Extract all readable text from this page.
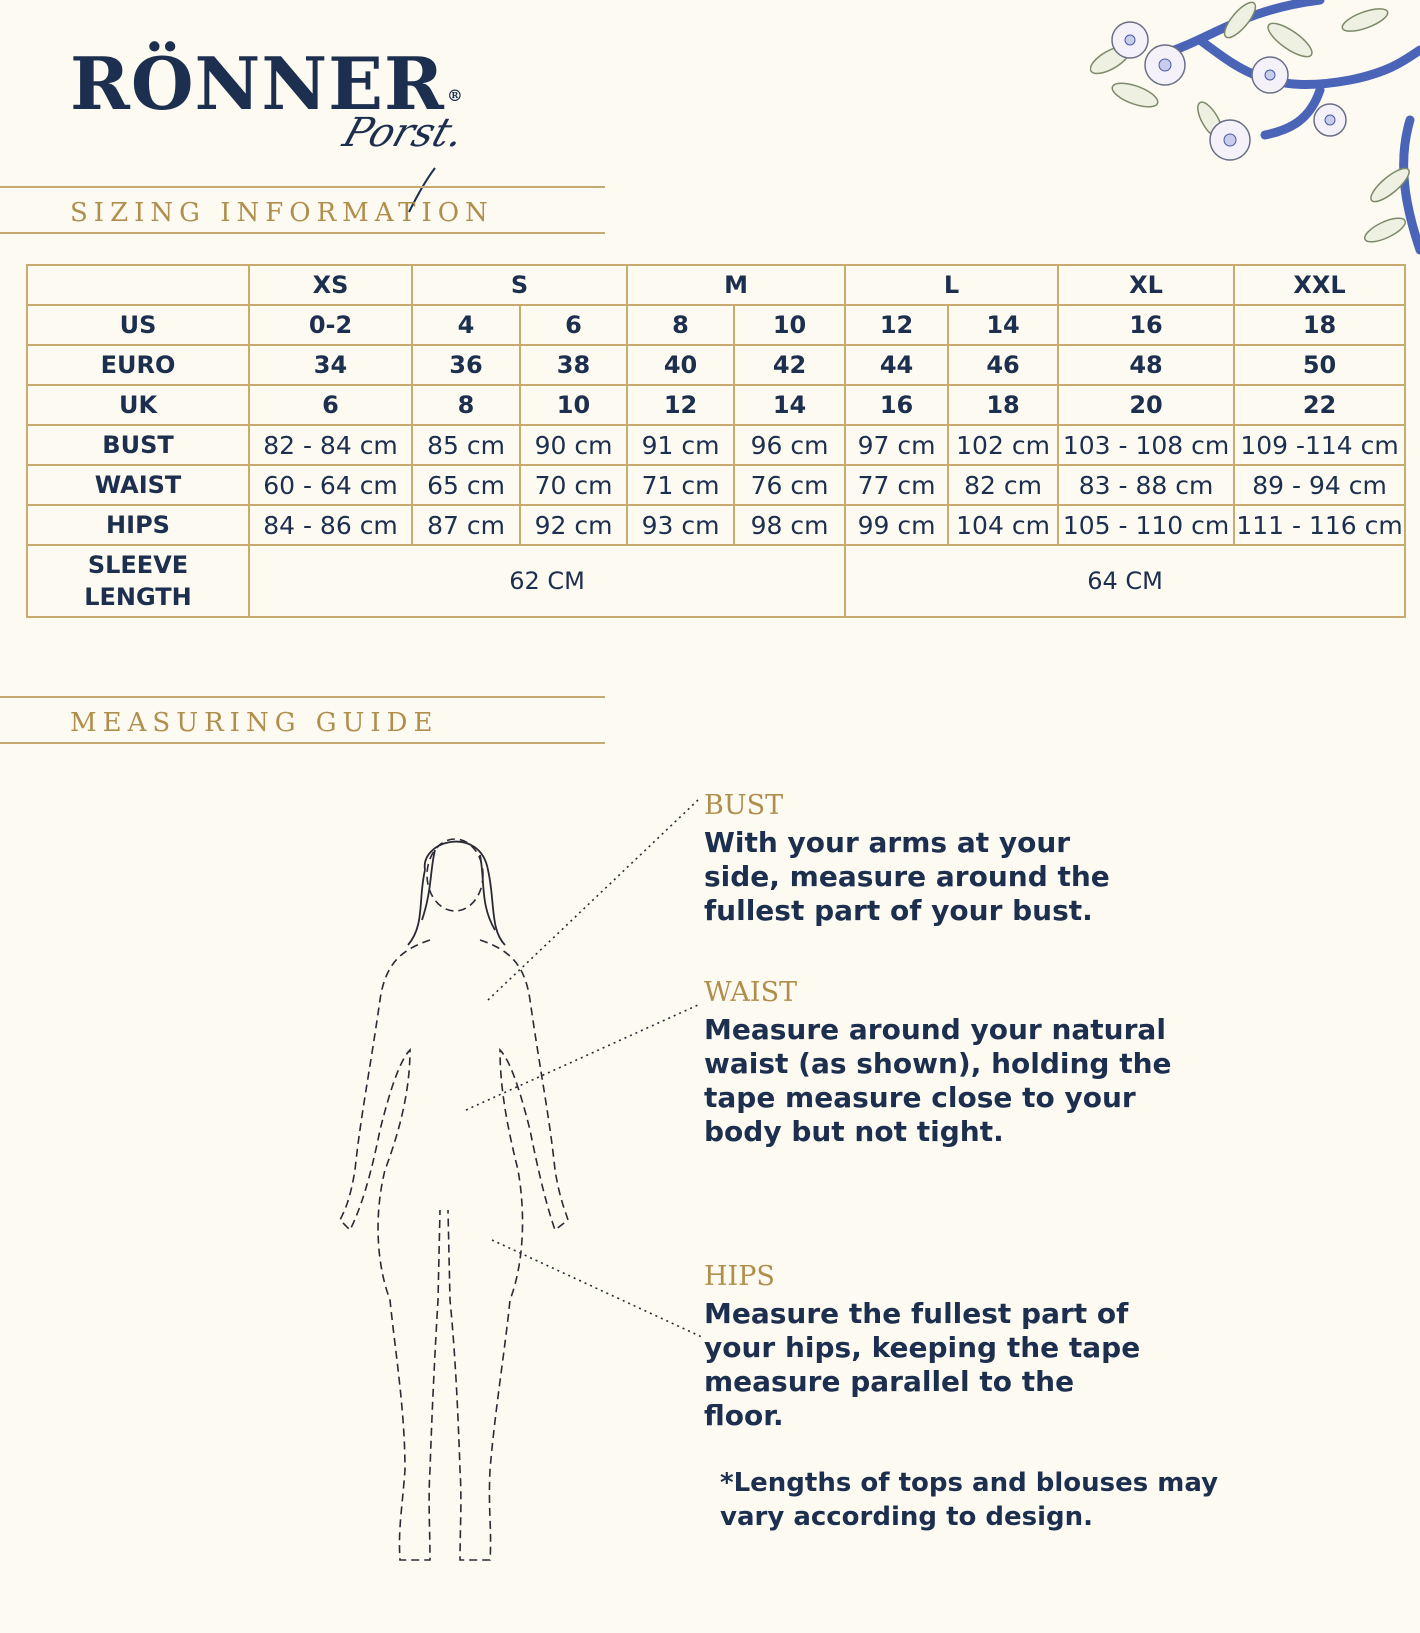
RÖNNER ®
Porst.
SIZING INFORMATION
	XS	S		M		L		XL	XXL
US	0-2	4	6	8	10	12	14	16	18
EURO	34	36	38	40	42	44	46	48	50
UK	6	8	10	12	14	16	18	20	22
BUST	82 - 84 cm	85 cm	90 cm	91 cm	96 cm	97 cm	102 cm	103 - 108 cm	109 -114 cm
WAIST	60 - 64 cm	65 cm	70 cm	71 cm	76 cm	77 cm	82 cm	83 - 88 cm	89 - 94 cm
HIPS	84 - 86 cm	87 cm	92 cm	93 cm	98 cm	99 cm	104 cm	105 - 110 cm	111 - 116 cm
SLEEVE
LENGTH	62 CM					64 CM			
MEASURING GUIDE
BUST
With your arms at your side, measure around the fullest part of your bust.
WAIST
Measure around your natural waist (as shown), holding the tape measure close to your body but not tight.
HIPS
Measure the fullest part of your hips, keeping the tape measure parallel to the floor.
*Lengths of tops and blouses may vary according to design.
